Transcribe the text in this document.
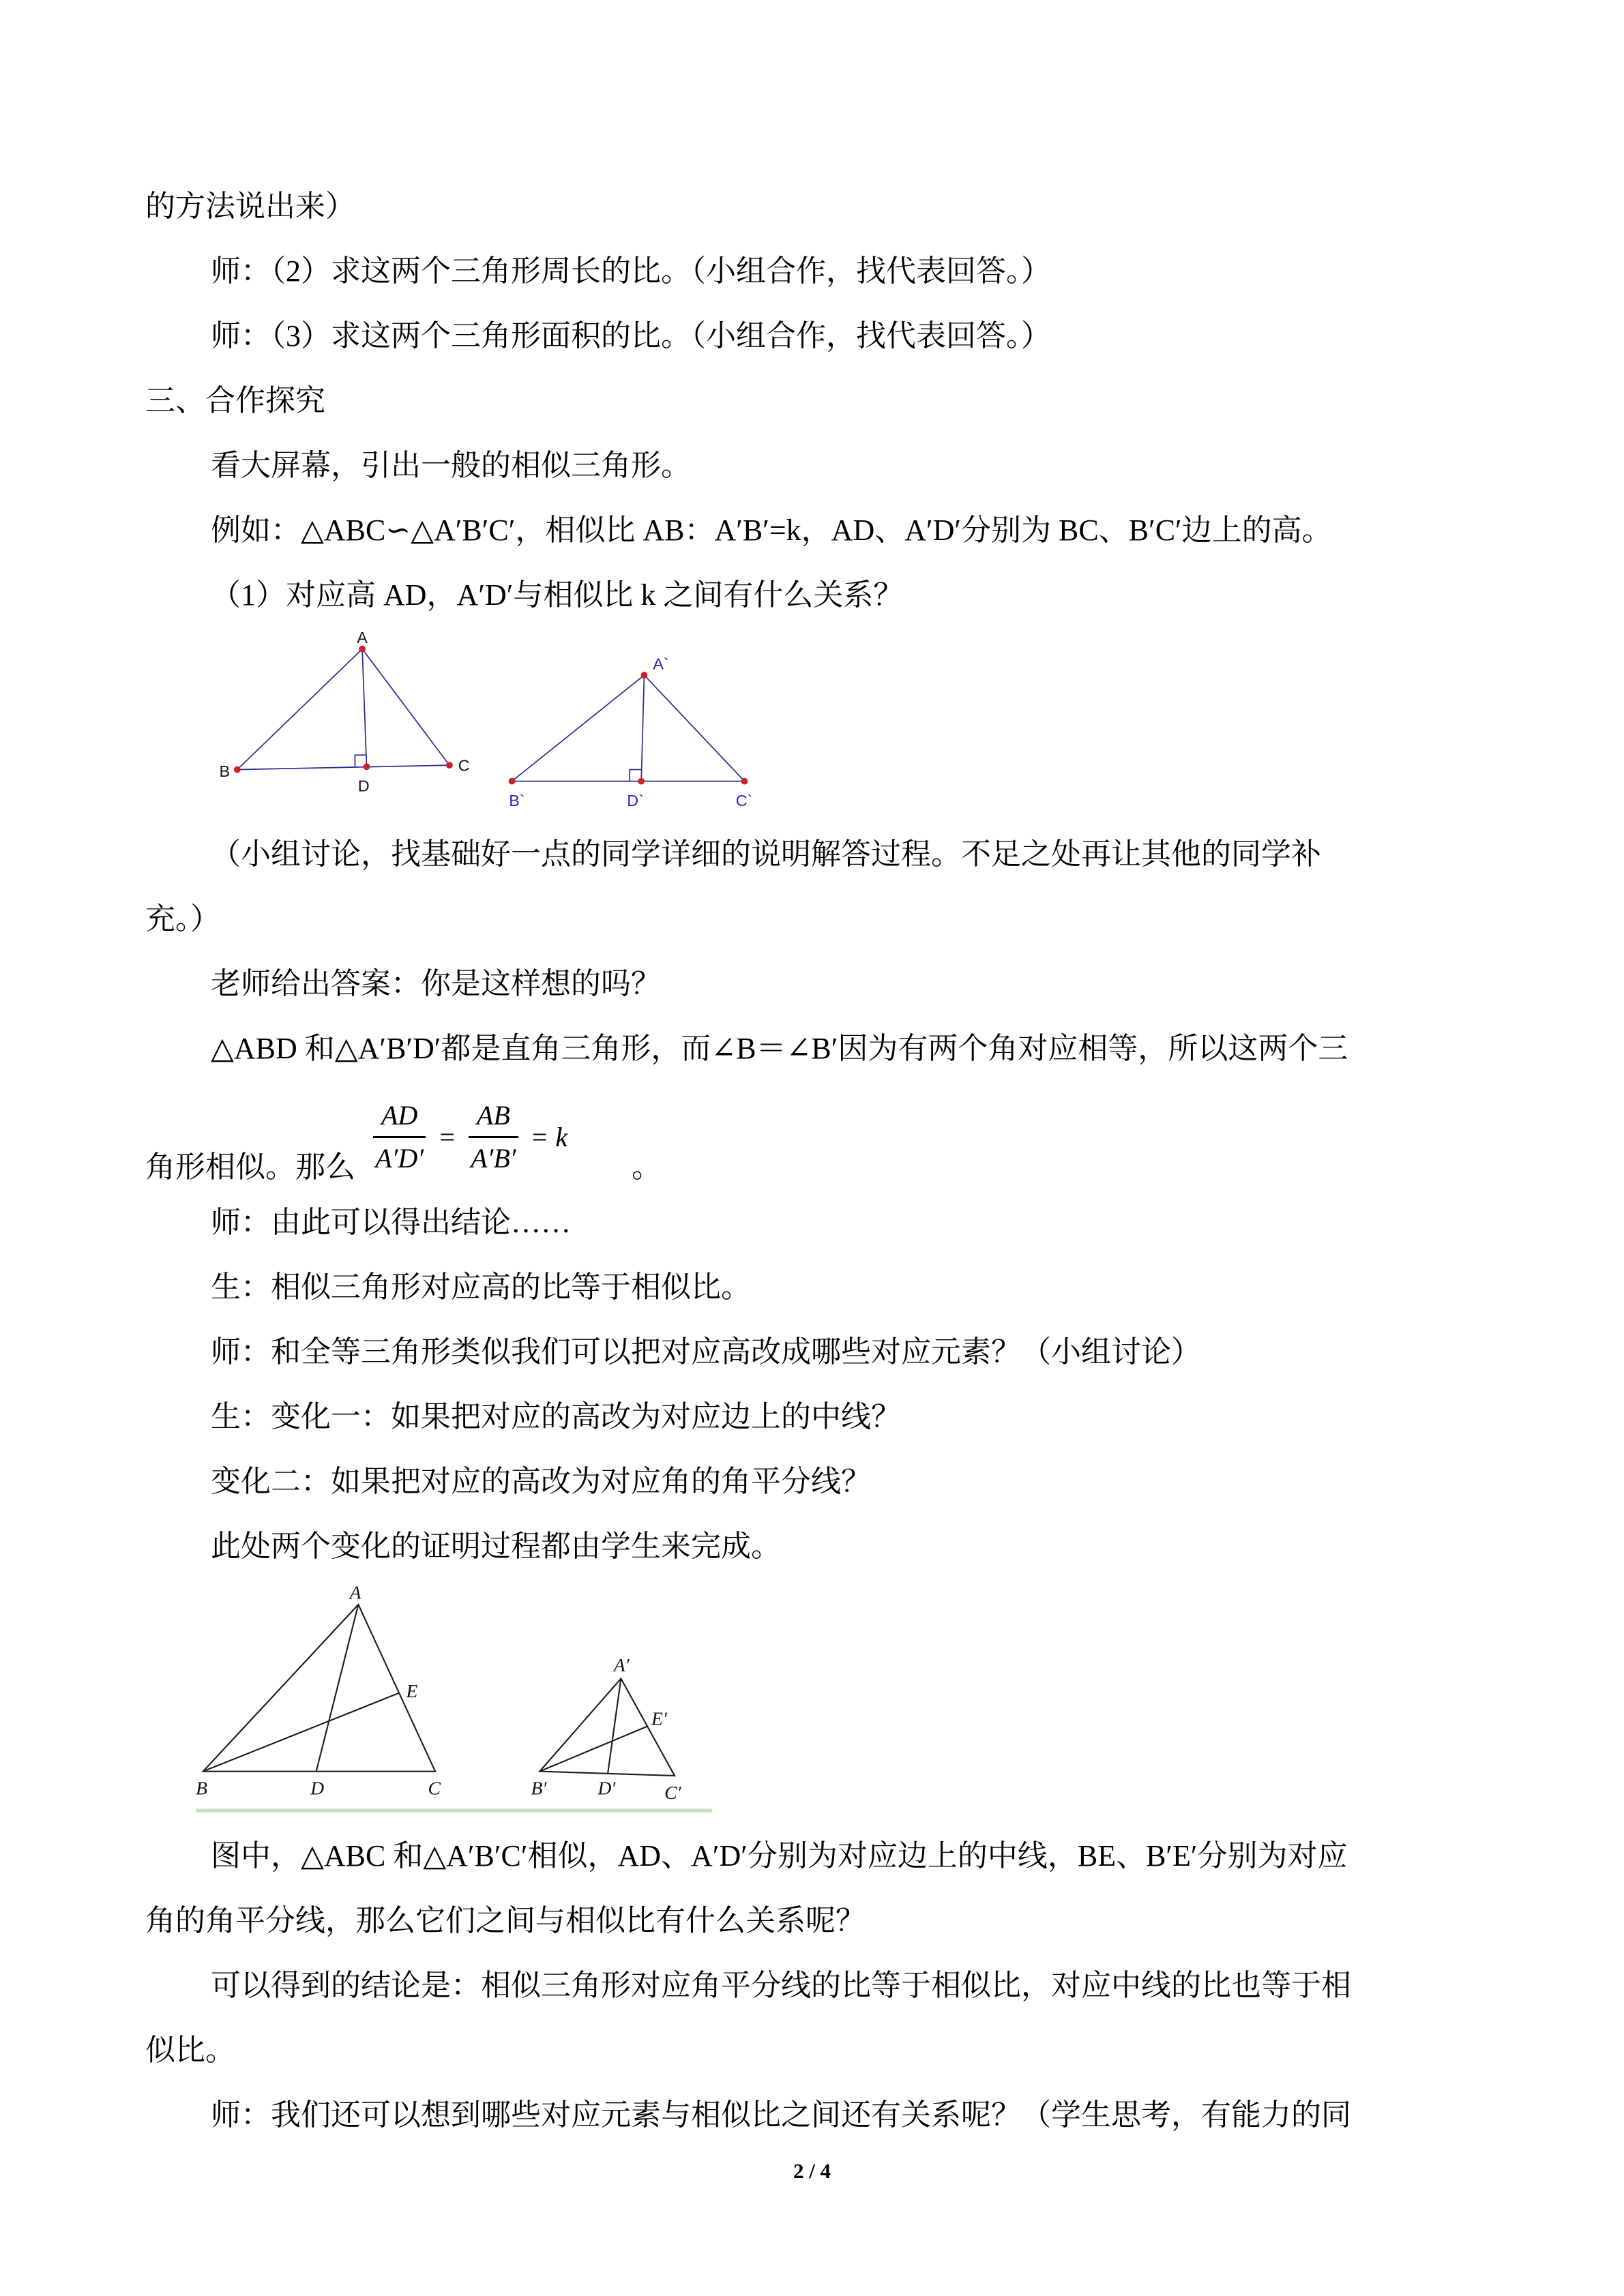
的方法说出来）

师：（2）求这两个三角形周长的比。（小组合作，找代表回答。）

师：（3）求这两个三角形面积的比。（小组合作，找代表回答。）

三、合作探究

看大屏幕，引出一般的相似三角形。

例如：△ABC∽△A′B′C′，相似比 AB：A′B′=k，AD、A′D′分别为 BC、B′C′边上的高。

（1）对应高 AD，A′D′与相似比 k 之间有什么关系？

A
B	C
D
A`
B`	D`	C`

（小组讨论，找基础好一点的同学详细的说明解答过程。不足之处再让其他的同学补

充。）

老师给出答案：你是这样想的吗？

△ABD 和△A′B′D′都是直角三角形，而∠B＝∠B′因为有两个角对应相等，所以这两个三

角形相似。那么 $\frac{AD}{A'D'} = \frac{AB}{A'B'} = k$
。

师：由此可以得出结论……

生：相似三角形对应高的比等于相似比。

师：和全等三角形类似我们可以把对应高改成哪些对应元素？（小组讨论）

生：变化一：如果把对应的高改为对应边上的中线？

变化二：如果把对应的高改为对应角的角平分线？

此处两个变化的证明过程都由学生来完成。

A
B	D	C
E
A′
B′	D′	C′
E′

图中，△ABC 和△A′B′C′相似，AD、A′D′分别为对应边上的中线，BE、B′E′分别为对应

角的角平分线，那么它们之间与相似比有什么关系呢？

可以得到的结论是：相似三角形对应角平分线的比等于相似比，对应中线的比也等于相

似比。

师：我们还可以想到哪些对应元素与相似比之间还有关系呢？（学生思考，有能力的同

2 / 4
